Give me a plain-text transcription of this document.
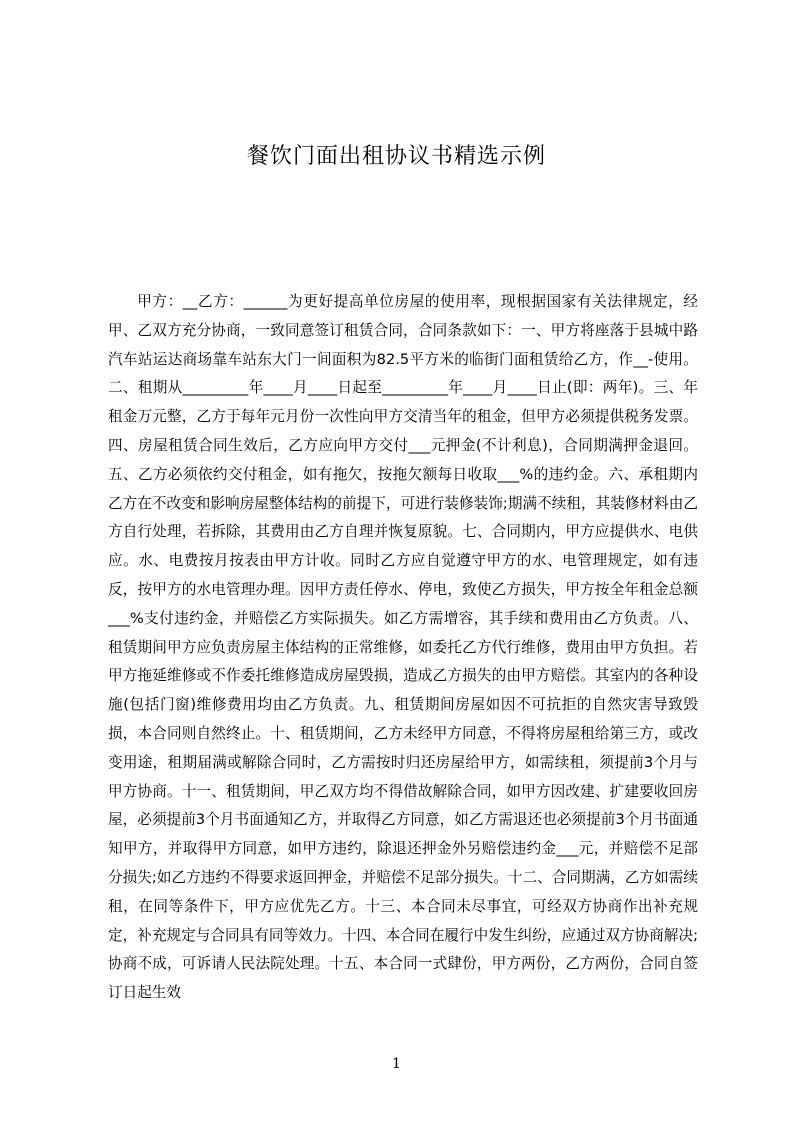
餐饮门面出租协议书精选示例

甲方：__乙方：______为更好提高单位房屋的使用率，现根据国家有关法律规定，经甲、乙双方充分协商，一致同意签订租赁合同，合同条款如下：一、甲方将座落于县城中路汽车站运达商场靠车站东大门一间面积为82.5平方米的临街门面租赁给乙方，作__-使用。二、租期从_________年____月____日起至_________年____月____日止(即：两年)。三、年租金万元整，乙方于每年元月份一次性向甲方交清当年的租金，但甲方必须提供税务发票。四、房屋租赁合同生效后，乙方应向甲方交付___元押金(不计利息)，合同期满押金退回。五、乙方必须依约交付租金，如有拖欠，按拖欠额每日收取___%的违约金。六、承租期内乙方在不改变和影响房屋整体结构的前提下，可进行装修装饰;期满不续租，其装修材料由乙方自行处理，若拆除，其费用由乙方自理并恢复原貌。七、合同期内，甲方应提供水、电供应。水、电费按月按表由甲方计收。同时乙方应自觉遵守甲方的水、电管理规定，如有违反，按甲方的水电管理办理。因甲方责任停水、停电，致使乙方损失，甲方按全年租金总额___%支付违约金，并赔偿乙方实际损失。如乙方需增容，其手续和费用由乙方负责。八、租赁期间甲方应负责房屋主体结构的正常维修，如委托乙方代行维修，费用由甲方负担。若甲方拖延维修或不作委托维修造成房屋毁损，造成乙方损失的由甲方赔偿。其室内的各种设施(包括门窗)维修费用均由乙方负责。九、租赁期间房屋如因不可抗拒的自然灾害导致毁损，本合同则自然终止。十、租赁期间，乙方未经甲方同意，不得将房屋租给第三方，或改变用途，租期届满或解除合同时，乙方需按时归还房屋给甲方，如需续租，须提前3个月与甲方协商。十一、租赁期间，甲乙双方均不得借故解除合同，如甲方因改建、扩建要收回房屋，必须提前3个月书面通知乙方，并取得乙方同意，如乙方需退还也必须提前3个月书面通知甲方，并取得甲方同意，如甲方违约，除退还押金外另赔偿违约金___元，并赔偿不足部分损失;如乙方违约不得要求返回押金，并赔偿不足部分损失。十二、合同期满，乙方如需续租，在同等条件下，甲方应优先乙方。十三、本合同未尽事宜，可经双方协商作出补充规定，补充规定与合同具有同等效力。十四、本合同在履行中发生纠纷，应通过双方协商解决;协商不成，可诉请人民法院处理。十五、本合同一式肆份，甲方两份，乙方两份，合同自签订日起生效

1
